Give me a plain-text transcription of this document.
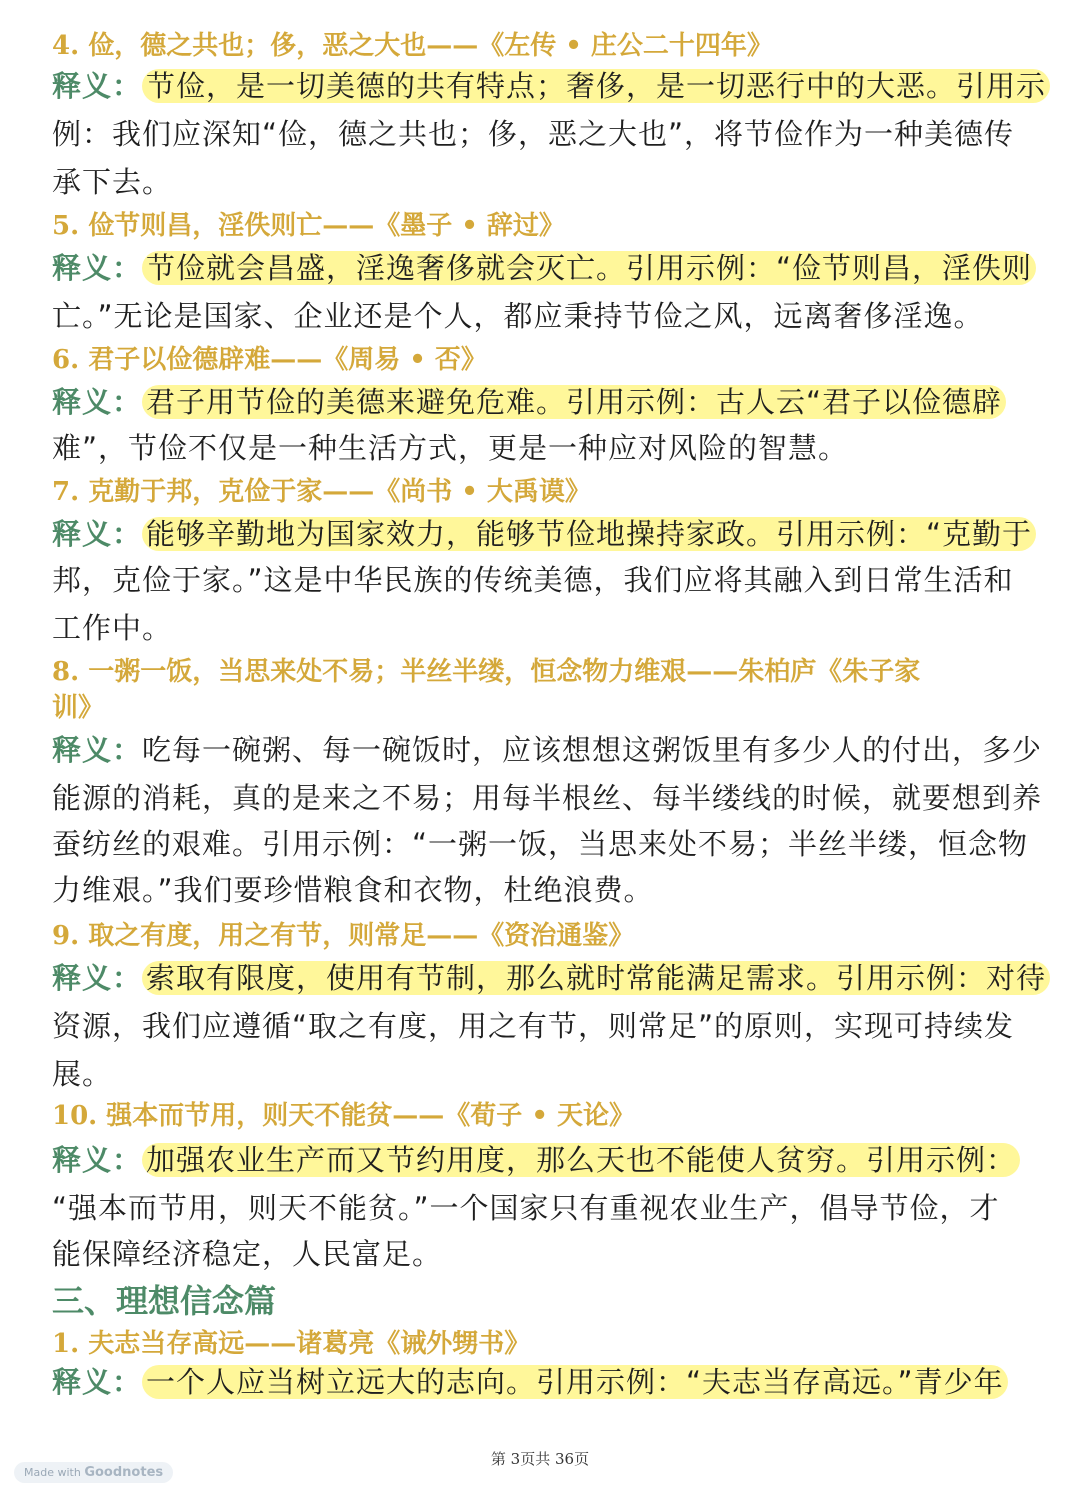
4. 俭，德之共也；侈，恶之大也——《左传 • 庄公二十四年》
释义： 节俭，是一切美德的共有特点；奢侈，是一切恶行中的大恶。引用示
例：我们应深知“俭，德之共也；侈，恶之大也”，将节俭作为一种美德传
承下去。
5. 俭节则昌，淫佚则亡——《墨子 • 辞过》
释义： 节俭就会昌盛，淫逸奢侈就会灭亡。引用示例：“俭节则昌，淫佚则
亡。”无论是国家、企业还是个人，都应秉持节俭之风，远离奢侈淫逸。
6. 君子以俭德辟难——《周易 • 否》
释义： 君子用节俭的美德来避免危难。引用示例：古人云“君子以俭德辟
难”，节俭不仅是一种生活方式，更是一种应对风险的智慧。
7. 克勤于邦，克俭于家——《尚书 • 大禹谟》
释义： 能够辛勤地为国家效力，能够节俭地操持家政。引用示例：“克勤于
邦，克俭于家。”这是中华民族的传统美德，我们应将其融入到日常生活和
工作中。
8. 一粥一饭，当思来处不易；半丝半缕，恒念物力维艰——朱柏庐《朱子家
训》
释义：吃每一碗粥、每一碗饭时，应该想想这粥饭里有多少人的付出，多少
能源的消耗，真的是来之不易；用每半根丝、每半缕线的时候，就要想到养
蚕纺丝的艰难。引用示例：“一粥一饭，当思来处不易；半丝半缕，恒念物
力维艰。”我们要珍惜粮食和衣物，杜绝浪费。
9. 取之有度，用之有节，则常足——《资治通鉴》
释义： 索取有限度，使用有节制，那么就时常能满足需求。引用示例：对待
资源，我们应遵循“取之有度，用之有节，则常足”的原则，实现可持续发
展。
10. 强本而节用，则天不能贫——《荀子 • 天论》
释义： 加强农业生产而又节约用度，那么天也不能使人贫穷。引用示例：
“强本而节用，则天不能贫。”一个国家只有重视农业生产，倡导节俭，才
能保障经济稳定，人民富足。
三、理想信念篇
1. 夫志当存高远——诸葛亮《诫外甥书》
释义： 一个人应当树立远大的志向。引用示例：“夫志当存高远。”青少年
第 3页共 36页
Made with Goodnotes
